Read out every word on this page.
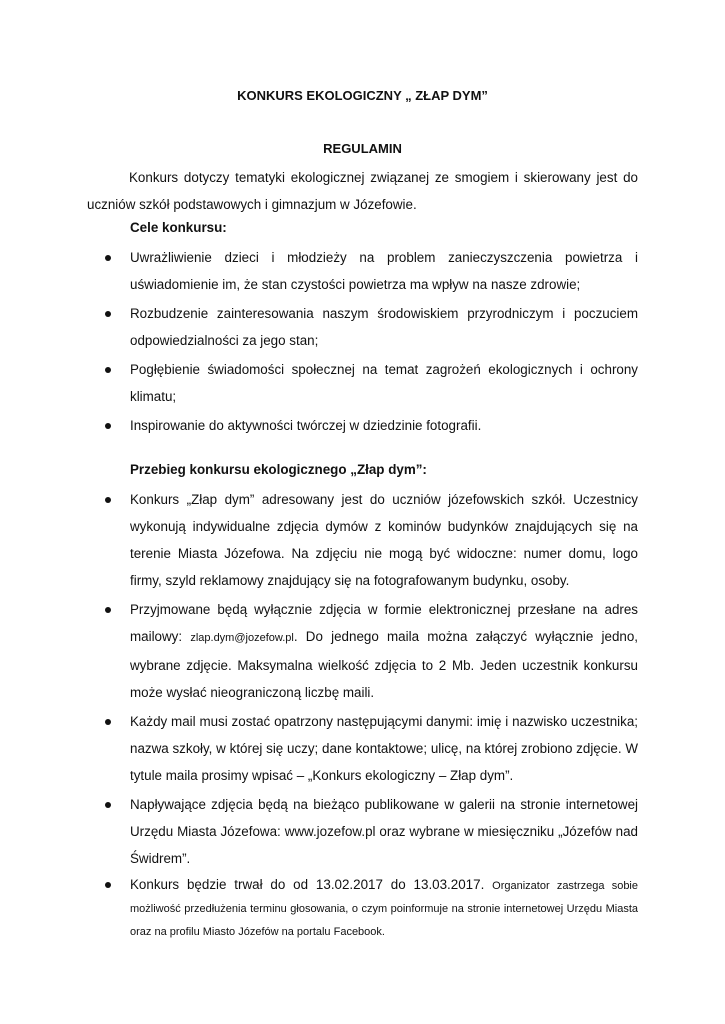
KONKURS EKOLOGICZNY „ ZŁAP DYM”
REGULAMIN

Konkurs dotyczy tematyki ekologicznej związanej ze smogiem i skierowany jest do uczniów szkół podstawowych i gimnazjum w Józefowie.

Cele konkursu:
Uwrażliwienie dzieci i młodzieży na problem zanieczyszczenia powietrza i uświadomienie im, że stan czystości powietrza ma wpływ na nasze zdrowie;
Rozbudzenie zainteresowania naszym środowiskiem przyrodniczym i poczuciem odpowiedzialności za jego stan;
Pogłębienie świadomości społecznej na temat zagrożeń ekologicznych i ochrony klimatu;
Inspirowanie do aktywności twórczej w dziedzinie fotografii.
Przebieg konkursu ekologicznego „Złap dym”:
Konkurs „Złap dym” adresowany jest do uczniów józefowskich szkół. Uczestnicy wykonują indywidualne zdjęcia dymów z kominów budynków znajdujących się na terenie Miasta Józefowa. Na zdjęciu nie mogą być widoczne: numer domu, logo firmy, szyld reklamowy znajdujący się na fotografowanym budynku, osoby.
Przyjmowane będą wyłącznie zdjęcia w formie elektronicznej przesłane na adres mailowy: zlap.dym@jozefow.pl. Do jednego maila można załączyć wyłącznie jedno, wybrane zdjęcie. Maksymalna wielkość zdjęcia to 2 Mb. Jeden uczestnik konkursu może wysłać nieograniczoną liczbę maili.
Każdy mail musi zostać opatrzony następującymi danymi: imię i nazwisko uczestnika; nazwa szkoły, w której się uczy; dane kontaktowe; ulicę, na której zrobiono zdjęcie. W tytule maila prosimy wpisać – „Konkurs ekologiczny – Złap dym”.
Napływające zdjęcia będą na bieżąco publikowane w galerii na stronie internetowej Urzędu Miasta Józefowa: www.jozefow.pl oraz wybrane w miesięczniku „Józefów nad Świdrem”.
Konkurs będzie trwał do od 13.02.2017 do 13.03.2017. Organizator zastrzega sobie możliwość przedłużenia terminu głosowania, o czym poinformuje na stronie internetowej Urzędu Miasta oraz na profilu Miasto Józefów na portalu Facebook.
